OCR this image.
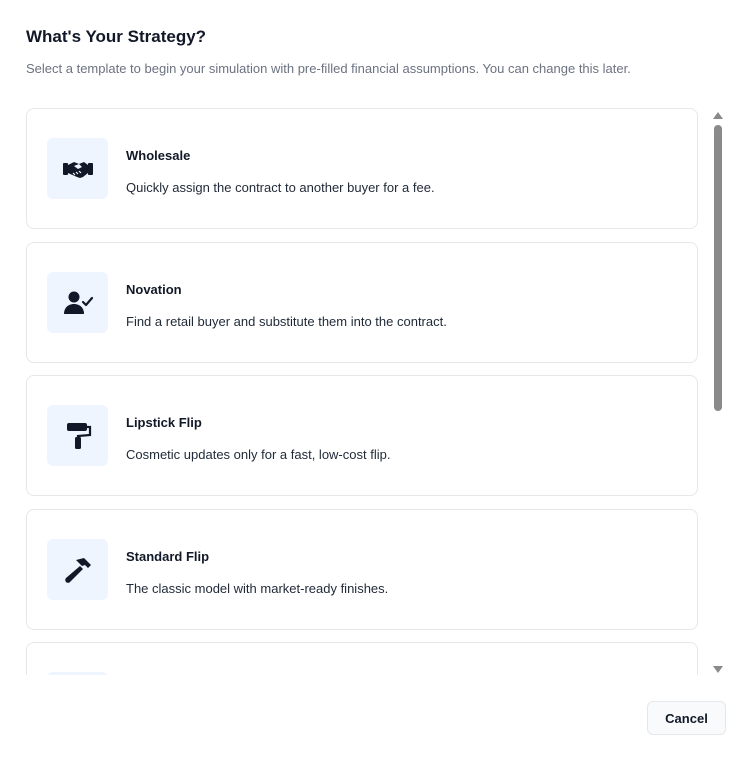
What's Your Strategy?

Select a template to begin your simulation with pre-filled financial assumptions. You can change this later.

Wholesale
Quickly assign the contract to another buyer for a fee.
Novation
Find a retail buyer and substitute them into the contract.
Lipstick Flip
Cosmetic updates only for a fast, low-cost flip.
Standard Flip
The classic model with market-ready finishes.
Cancel
